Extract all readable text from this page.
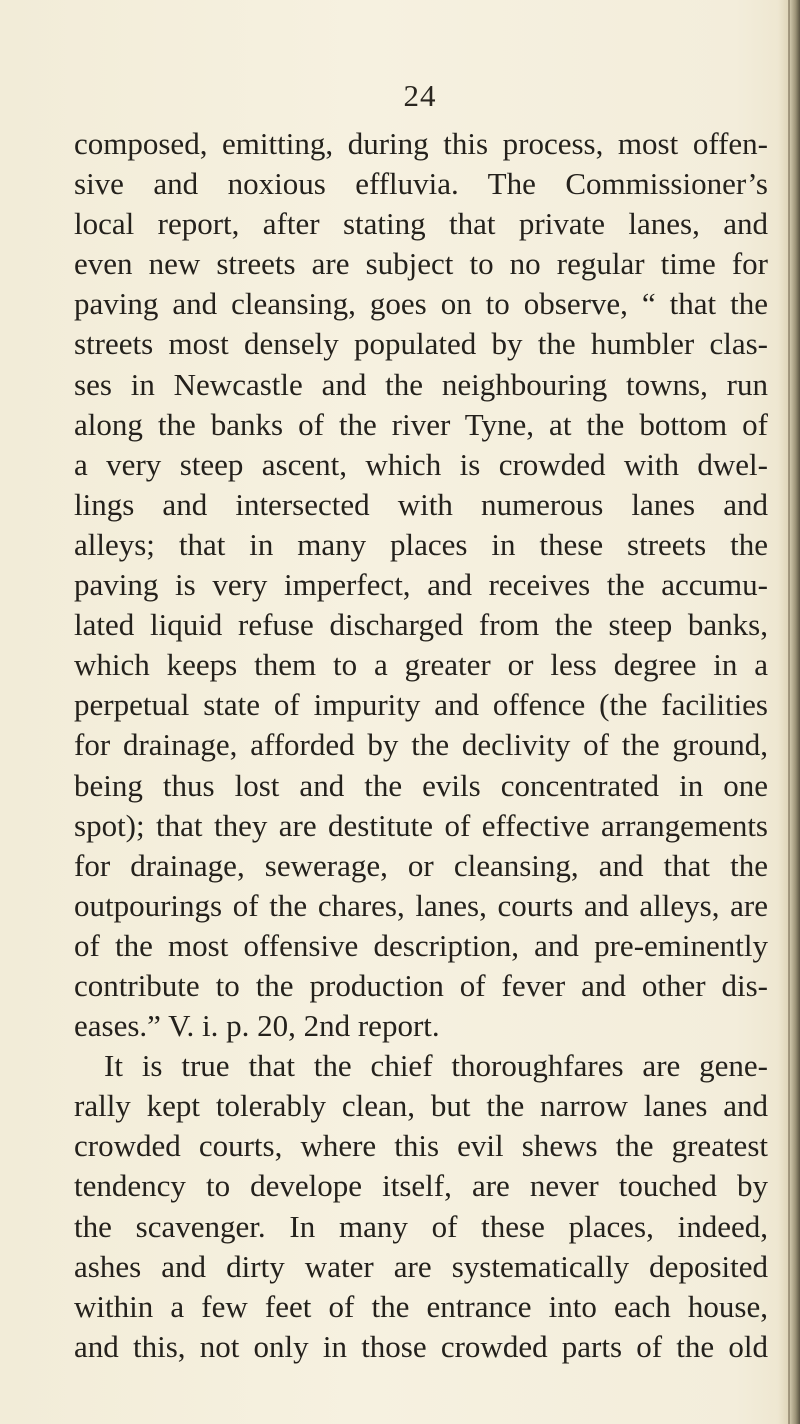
24
composed, emitting, during this process, most offen-
sive and noxious effluvia. The Commissioner’s
local report, after stating that private lanes, and
even new streets are subject to no regular time for
paving and cleansing, goes on to observe, “ that the
streets most densely populated by the humbler clas-
ses in Newcastle and the neighbouring towns, run
along the banks of the river Tyne, at the bottom of
a very steep ascent, which is crowded with dwel-
lings and intersected with numerous lanes and
alleys; that in many places in these streets the
paving is very imperfect, and receives the accumu-
lated liquid refuse discharged from the steep banks,
which keeps them to a greater or less degree in a
perpetual state of impurity and offence (the facilities
for drainage, afforded by the declivity of the ground,
being thus lost and the evils concentrated in one
spot); that they are destitute of effective arrangements
for drainage, sewerage, or cleansing, and that the
outpourings of the chares, lanes, courts and alleys, are
of the most offensive description, and pre-eminently
contribute to the production of fever and other dis-
eases.” V. i. p. 20, 2nd report.
It is true that the chief thoroughfares are gene-
rally kept tolerably clean, but the narrow lanes and
crowded courts, where this evil shews the greatest
tendency to develope itself, are never touched by
the scavenger. In many of these places, indeed,
ashes and dirty water are systematically deposited
within a few feet of the entrance into each house,
and this, not only in those crowded parts of the old
